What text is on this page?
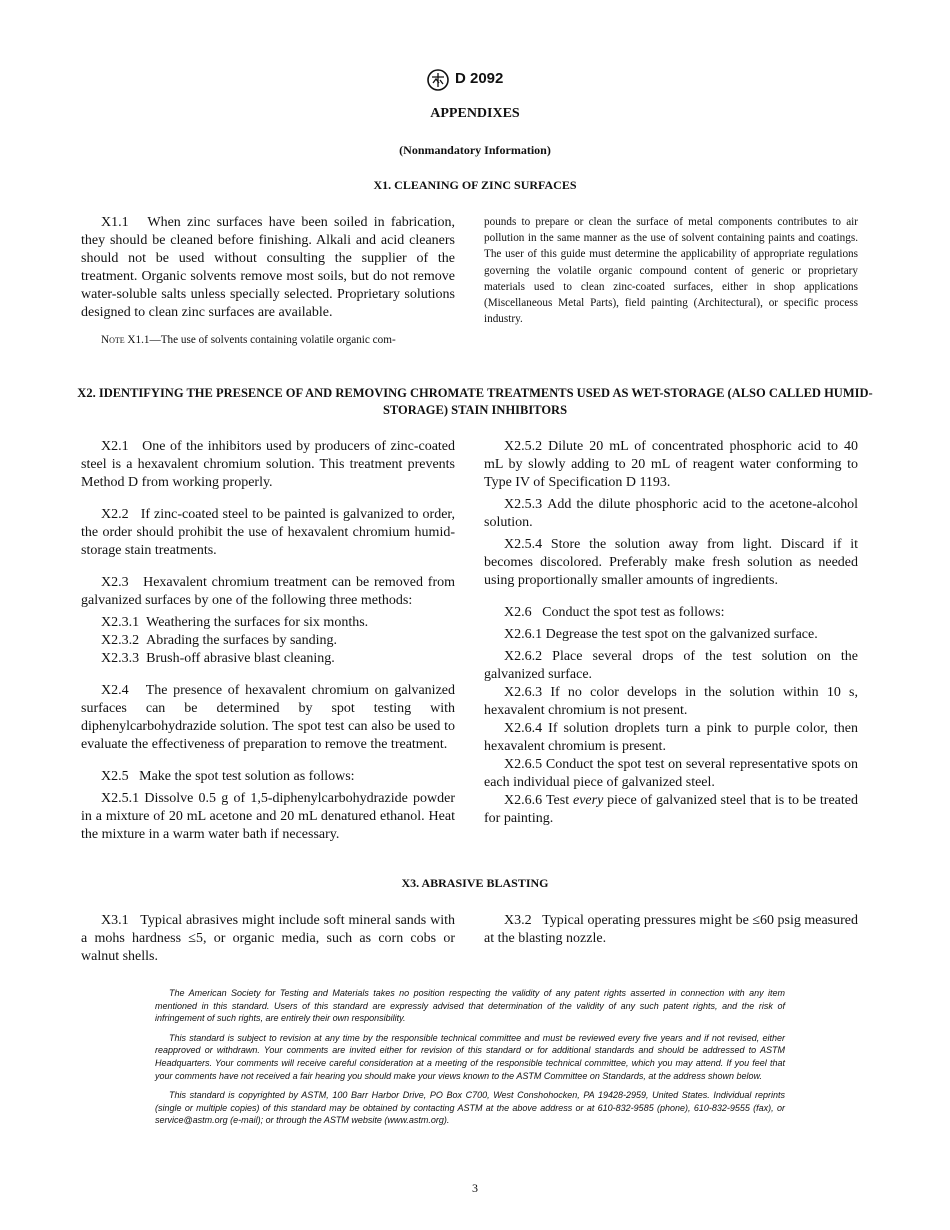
D 2092
APPENDIXES
(Nonmandatory Information)
X1. CLEANING OF ZINC SURFACES

X1.1 When zinc surfaces have been soiled in fabrication, they should be cleaned before finishing. Alkali and acid cleaners should not be used without consulting the supplier of the treatment. Organic solvents remove most soils, but do not remove water-soluble salts unless specially selected. Proprietary solutions designed to clean zinc surfaces are available.

Note X1.1—The use of solvents containing volatile organic com-

pounds to prepare or clean the surface of metal components contributes to air pollution in the same manner as the use of solvent containing paints and coatings. The user of this guide must determine the applicability of appropriate regulations governing the volatile organic compound content of generic or proprietary materials used to clean zinc-coated surfaces, either in shop applications (Miscellaneous Metal Parts), field painting (Architectural), or specific process industry.

X2. IDENTIFYING THE PRESENCE OF AND REMOVING CHROMATE TREATMENTS USED AS WET-STORAGE (ALSO CALLED HUMID-STORAGE) STAIN INHIBITORS

X2.1 One of the inhibitors used by producers of zinc-coated steel is a hexavalent chromium solution. This treatment prevents Method D from working properly.

X2.2 If zinc-coated steel to be painted is galvanized to order, the order should prohibit the use of hexavalent chromium humid-storage stain treatments.

X2.3 Hexavalent chromium treatment can be removed from galvanized surfaces by one of the following three methods:

X2.3.1 Weathering the surfaces for six months.

X2.3.2 Abrading the surfaces by sanding.

X2.3.3 Brush-off abrasive blast cleaning.

X2.4 The presence of hexavalent chromium on galvanized surfaces can be determined by spot testing with diphenylcarbohydrazide solution. The spot test can also be used to evaluate the effectiveness of preparation to remove the treatment.

X2.5 Make the spot test solution as follows:

X2.5.1 Dissolve 0.5 g of 1,5-diphenylcarbohydrazide powder in a mixture of 20 mL acetone and 20 mL denatured ethanol. Heat the mixture in a warm water bath if necessary.

X2.5.2 Dilute 20 mL of concentrated phosphoric acid to 40 mL by slowly adding to 20 mL of reagent water conforming to Type IV of Specification D 1193.

X2.5.3 Add the dilute phosphoric acid to the acetone-alcohol solution.

X2.5.4 Store the solution away from light. Discard if it becomes discolored. Preferably make fresh solution as needed using proportionally smaller amounts of ingredients.

X2.6 Conduct the spot test as follows:

X2.6.1 Degrease the test spot on the galvanized surface.

X2.6.2 Place several drops of the test solution on the galvanized surface.

X2.6.3 If no color develops in the solution within 10 s, hexavalent chromium is not present.

X2.6.4 If solution droplets turn a pink to purple color, then hexavalent chromium is present.

X2.6.5 Conduct the spot test on several representative spots on each individual piece of galvanized steel.

X2.6.6 Test every piece of galvanized steel that is to be treated for painting.

X3. ABRASIVE BLASTING

X3.1 Typical abrasives might include soft mineral sands with a mohs hardness ≤5, or organic media, such as corn cobs or walnut shells.

X3.2 Typical operating pressures might be ≤60 psig measured at the blasting nozzle.

The American Society for Testing and Materials takes no position respecting the validity of any patent rights asserted in connection with any item mentioned in this standard. Users of this standard are expressly advised that determination of the validity of any such patent rights, and the risk of infringement of such rights, are entirely their own responsibility.

This standard is subject to revision at any time by the responsible technical committee and must be reviewed every five years and if not revised, either reapproved or withdrawn. Your comments are invited either for revision of this standard or for additional standards and should be addressed to ASTM Headquarters. Your comments will receive careful consideration at a meeting of the responsible technical committee, which you may attend. If you feel that your comments have not received a fair hearing you should make your views known to the ASTM Committee on Standards, at the address shown below.

This standard is copyrighted by ASTM, 100 Barr Harbor Drive, PO Box C700, West Conshohocken, PA 19428-2959, United States. Individual reprints (single or multiple copies) of this standard may be obtained by contacting ASTM at the above address or at 610-832-9585 (phone), 610-832-9555 (fax), or service@astm.org (e-mail); or through the ASTM website (www.astm.org).

3
